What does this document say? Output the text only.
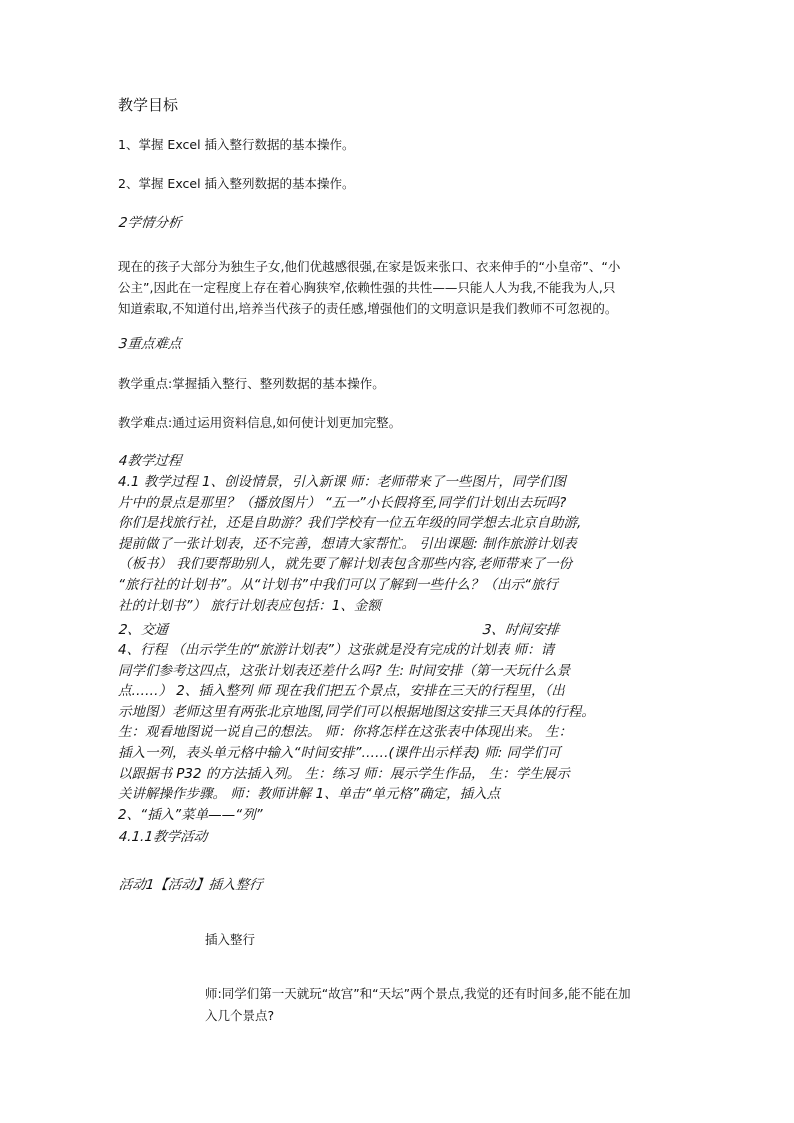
教学目标
1、掌握 Excel 插入整行数据的基本操作。
2、掌握 Excel 插入整列数据的基本操作。
2学情分析
现在的孩子大部分为独生子女,他们优越感很强,在家是饭来张口、衣来伸手的“小皇帝”、“小
公主”,因此在一定程度上存在着心胸狭窄,依赖性强的共性——只能人人为我,不能我为人,只
知道索取,不知道付出,培养当代孩子的责任感,增强他们的文明意识是我们教师不可忽视的。
3重点难点
教学重点:掌握插入整行、整列数据的基本操作。
教学难点:通过运用资料信息,如何使计划更加完整。
4教学过程
4.1 教学过程 1、创设情景，引入新课 师：老师带来了一些图片，同学们图
片中的景点是那里？（播放图片） “五一”小长假将至,同学们计划出去玩吗?
你们是找旅行社，还是自助游？我们学校有一位五年级的同学想去北京自助游,
提前做了一张计划表，还不完善，想请大家帮忙。 引出课题: 制作旅游计划表
（板书） 我们要帮助别人，就先要了解计划表包含那些内容,老师带来了一份
“旅行社的计划书”。从“计划书”中我们可以了解到一些什么？（出示“旅行
社的计划书”） 旅行计划表应包括：1、金额
2、交通	3、时间安排
4、行程 （出示学生的“旅游计划表”）这张就是没有完成的计划表 师：请
同学们参考这四点，这张计划表还差什么吗? 生: 时间安排（第一天玩什么景
点……） 2、插入整列 师 现在我们把五个景点，安排在三天的行程里，（出
示地图）老师这里有两张北京地图,同学们可以根据地图这安排三天具体的行程。
生：观看地图说一说自己的想法。 师：你将怎样在这张表中体现出来。 生：
插入一列，表头单元格中输入“时间安排”……(课件出示样表) 师: 同学们可
以跟据书 P32 的方法插入列。 生：练习 师：展示学生作品， 生：学生展示
关讲解操作步骤。 师：教师讲解 1、单击“单元格”确定，插入点
2、“插入”菜单——“列”
4.1.1教学活动
活动1【活动】插入整行
插入整行
师:同学们第一天就玩“故宫”和“天坛”两个景点,我觉的还有时间多,能不能在加
入几个景点?
